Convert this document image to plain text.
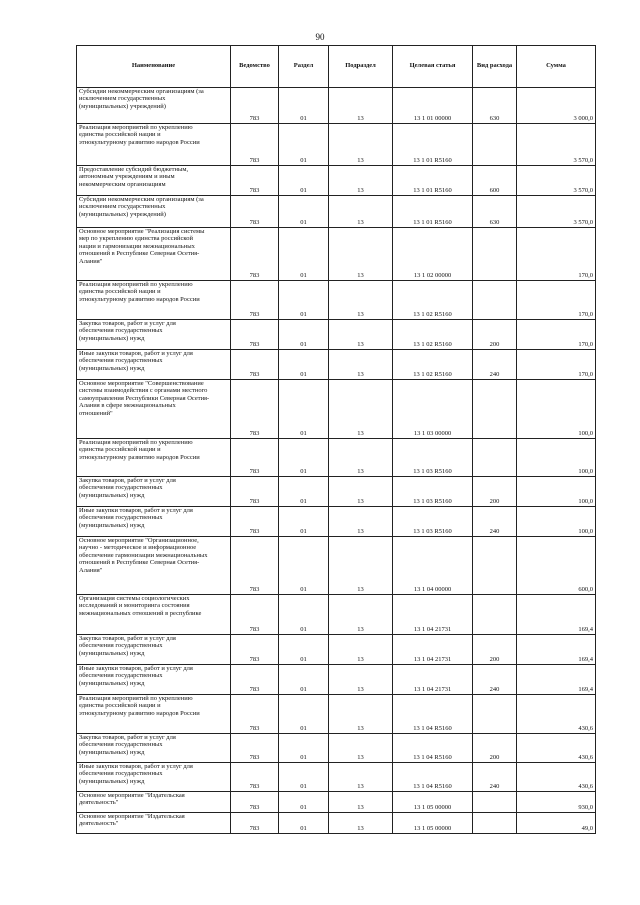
90
Наименование	Ведомство	Раздел	Подраздел	Целевая статья	Вид расхода	Сумма
Субсидии некоммерческим организациям (за
исключением государственных
(муниципальных) учреждений)	783	01	13	13 1 01 00000	630	3 000,0
Реализация мероприятий по укреплению
единства российской нации и
этнокультурному развитию народов России	783	01	13	13 1 01 R5160		3 570,0
Предоставление субсидий бюджетным,
автономным учреждениям и иным
некоммерческим организациям	783	01	13	13 1 01 R5160	600	3 570,0
Субсидии некоммерческим организациям (за
исключением государственных
(муниципальных) учреждений)	783	01	13	13 1 01 R5160	630	3 570,0
Основное мероприятие "Реализация системы
мер по укреплению единства российской
нации и гармонизации межнациональных
отношений в Республике Северная Осетия-
Алания"	783	01	13	13 1 02 00000		170,0
Реализация мероприятий по укреплению
единства российской нации и
этнокультурному развитию народов России	783	01	13	13 1 02 R5160		170,0
Закупка товаров, работ и услуг для
обеспечения государственных
(муниципальных) нужд	783	01	13	13 1 02 R5160	200	170,0
Иные закупки товаров, работ и услуг для
обеспечения государственных
(муниципальных) нужд	783	01	13	13 1 02 R5160	240	170,0
Основное мероприятие "Совершенствование
системы взаимодействия с органами местного
самоуправления Республики Северная Осетия-
Алания в сфере межнациональных
отношений"	783	01	13	13 1 03 00000		100,0
Реализация мероприятий по укреплению
единства российской нации и
этнокультурному развитию народов России	783	01	13	13 1 03 R5160		100,0
Закупка товаров, работ и услуг для
обеспечения государственных
(муниципальных) нужд	783	01	13	13 1 03 R5160	200	100,0
Иные закупки товаров, работ и услуг для
обеспечения государственных
(муниципальных) нужд	783	01	13	13 1 03 R5160	240	100,0
Основное мероприятие "Организационное,
научно - методическое и информационное
обеспечение гармонизации межнациональных
отношений в Республике Северная Осетия-
Алания"	783	01	13	13 1 04 00000		600,0
Организация системы социологических
исследований и мониторинга состояния
межнациональных отношений в республике	783	01	13	13 1 04 21731		169,4
Закупка товаров, работ и услуг для
обеспечения государственных
(муниципальных) нужд	783	01	13	13 1 04 21731	200	169,4
Иные закупки товаров, работ и услуг для
обеспечения государственных
(муниципальных) нужд	783	01	13	13 1 04 21731	240	169,4
Реализация мероприятий по укреплению
единства российской нации и
этнокультурному развитию народов России	783	01	13	13 1 04 R5160		430,6
Закупка товаров, работ и услуг для
обеспечения государственных
(муниципальных) нужд	783	01	13	13 1 04 R5160	200	430,6
Иные закупки товаров, работ и услуг для
обеспечения государственных
(муниципальных) нужд	783	01	13	13 1 04 R5160	240	430,6
Основное мероприятие "Издательская
деятельность"	783	01	13	13 1 05 00000		930,0
Основное мероприятие "Издательская
деятельность"	783	01	13	13 1 05 00000		49,0
